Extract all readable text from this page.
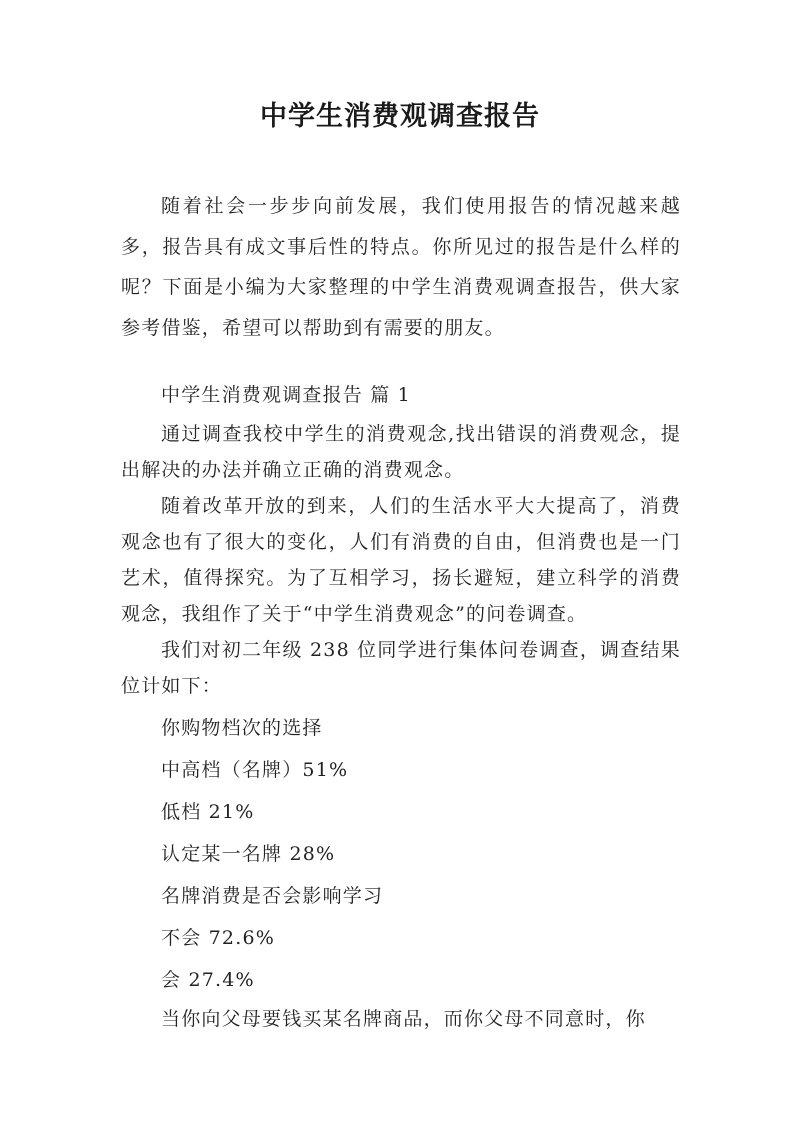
中学生消费观调查报告
随着社会一步步向前发展，我们使用报告的情况越来越多，报告具有成文事后性的特点。你所见过的报告是什么样的呢？下面是小编为大家整理的中学生消费观调查报告，供大家参考借鉴，希望可以帮助到有需要的朋友。

中学生消费观调查报告 篇 1

通过调查我校中学生的消费观念,找出错误的消费观念，提出解决的办法并确立正确的消费观念。

随着改革开放的到来，人们的生活水平大大提高了，消费观念也有了很大的变化，人们有消费的自由，但消费也是一门艺术，值得探究。为了互相学习，扬长避短，建立科学的消费观念，我组作了关于“中学生消费观念”的问卷调查。

我们对初二年级 238 位同学进行集体问卷调查，调查结果位计如下：

你购物档次的选择

中高档（名牌）51%

低档 21%

认定某一名牌 28%

名牌消费是否会影响学习

不会 72.6%

会 27.4%

当你向父母要钱买某名牌商品，而你父母不同意时，你
